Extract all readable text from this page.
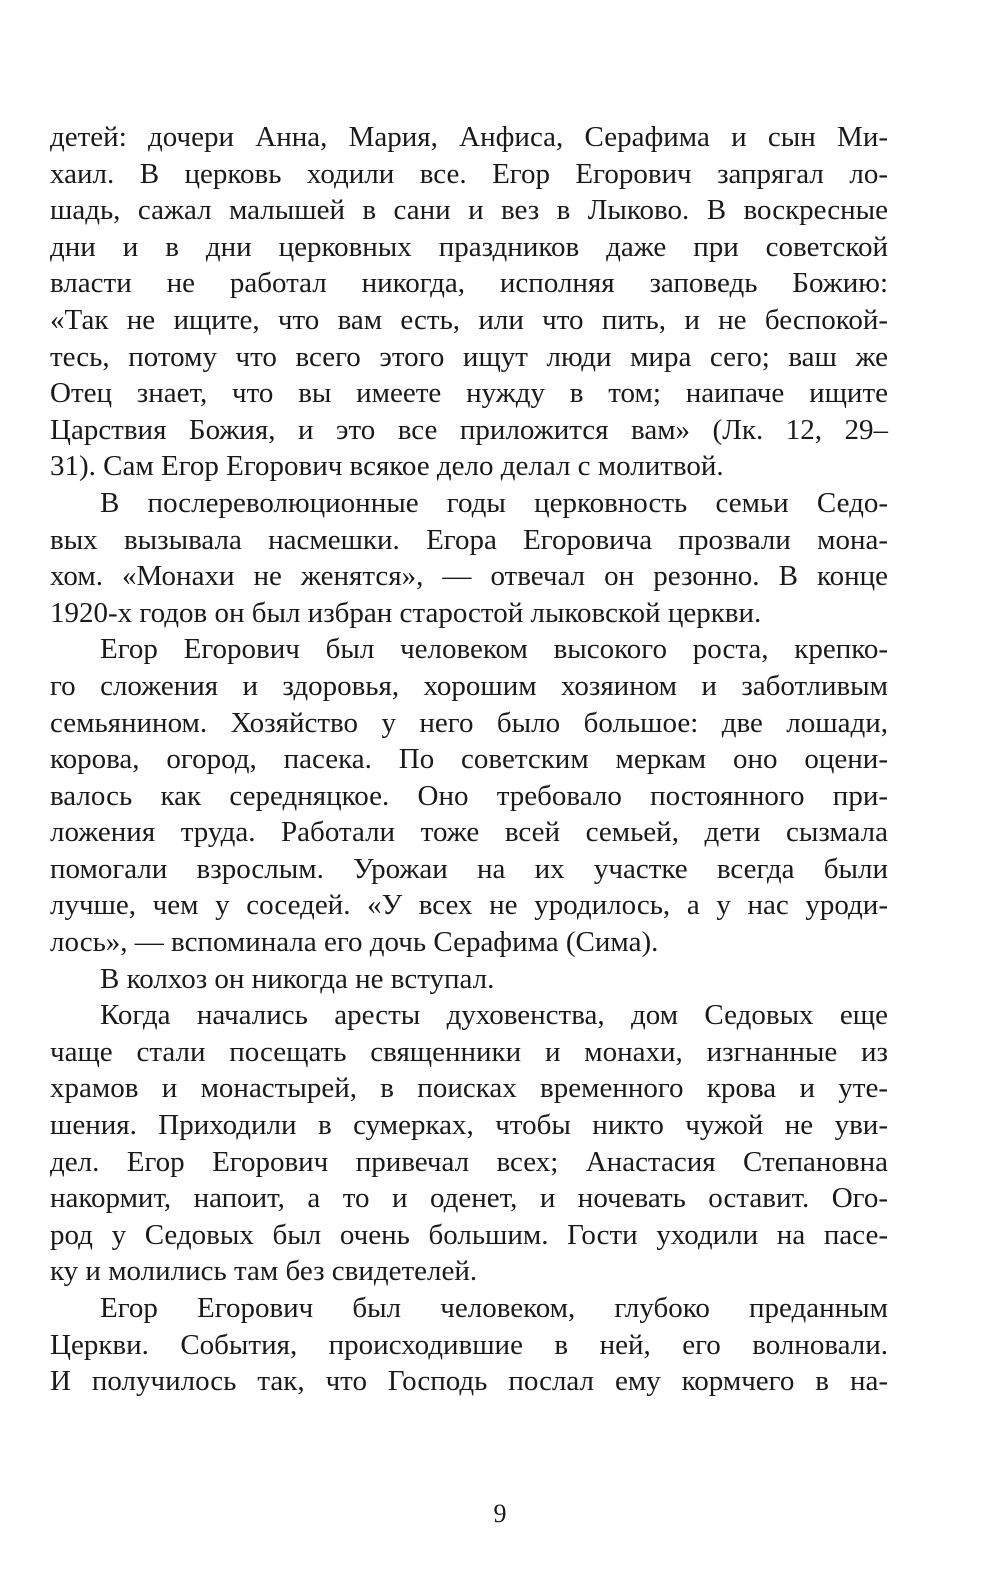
детей: дочери Анна, Мария, Анфиса, Серафима и сын Ми-
хаил. В церковь ходили все. Егор Егорович запрягал ло-
шадь, сажал малышей в сани и вез в Лыково. В воскресные
дни и в дни церковных праздников даже при советской
власти не работал никогда, исполняя заповедь Божию:
«Так не ищите, что вам есть, или что пить, и не беспокой-
тесь, потому что всего этого ищут люди мира сего; ваш же
Отец знает, что вы имеете нужду в том; наипаче ищите
Царствия Божия, и это все приложится вам» (Лк. 12, 29–
31). Сам Егор Егорович всякое дело делал с молитвой.
В послереволюционные годы церковность семьи Седо-
вых вызывала насмешки. Егора Егоровича прозвали мона-
хом. «Монахи не женятся», — отвечал он резонно. В конце
1920-х годов он был избран старостой лыковской церкви.
Егор Егорович был человеком высокого роста, крепко-
го сложения и здоровья, хорошим хозяином и заботливым
семьянином. Хозяйство у него было большое: две лошади,
корова, огород, пасека. По советским меркам оно оцени-
валось как середняцкое. Оно требовало постоянного при-
ложения труда. Работали тоже всей семьей, дети сызмала
помогали взрослым. Урожаи на их участке всегда были
лучше, чем у соседей. «У всех не уродилось, а у нас уроди-
лось», — вспоминала его дочь Серафима (Сима).
В колхоз он никогда не вступал.
Когда начались аресты духовенства, дом Седовых еще
чаще стали посещать священники и монахи, изгнанные из
храмов и монастырей, в поисках временного крова и уте-
шения. Приходили в сумерках, чтобы никто чужой не уви-
дел. Егор Егорович привечал всех; Анастасия Степановна
накормит, напоит, а то и оденет, и ночевать оставит. Ого-
род у Седовых был очень большим. Гости уходили на пасе-
ку и молились там без свидетелей.
Егор Егорович был человеком, глубоко преданным
Церкви. События, происходившие в ней, его волновали.
И получилось так, что Господь послал ему кормчего в на-
9
